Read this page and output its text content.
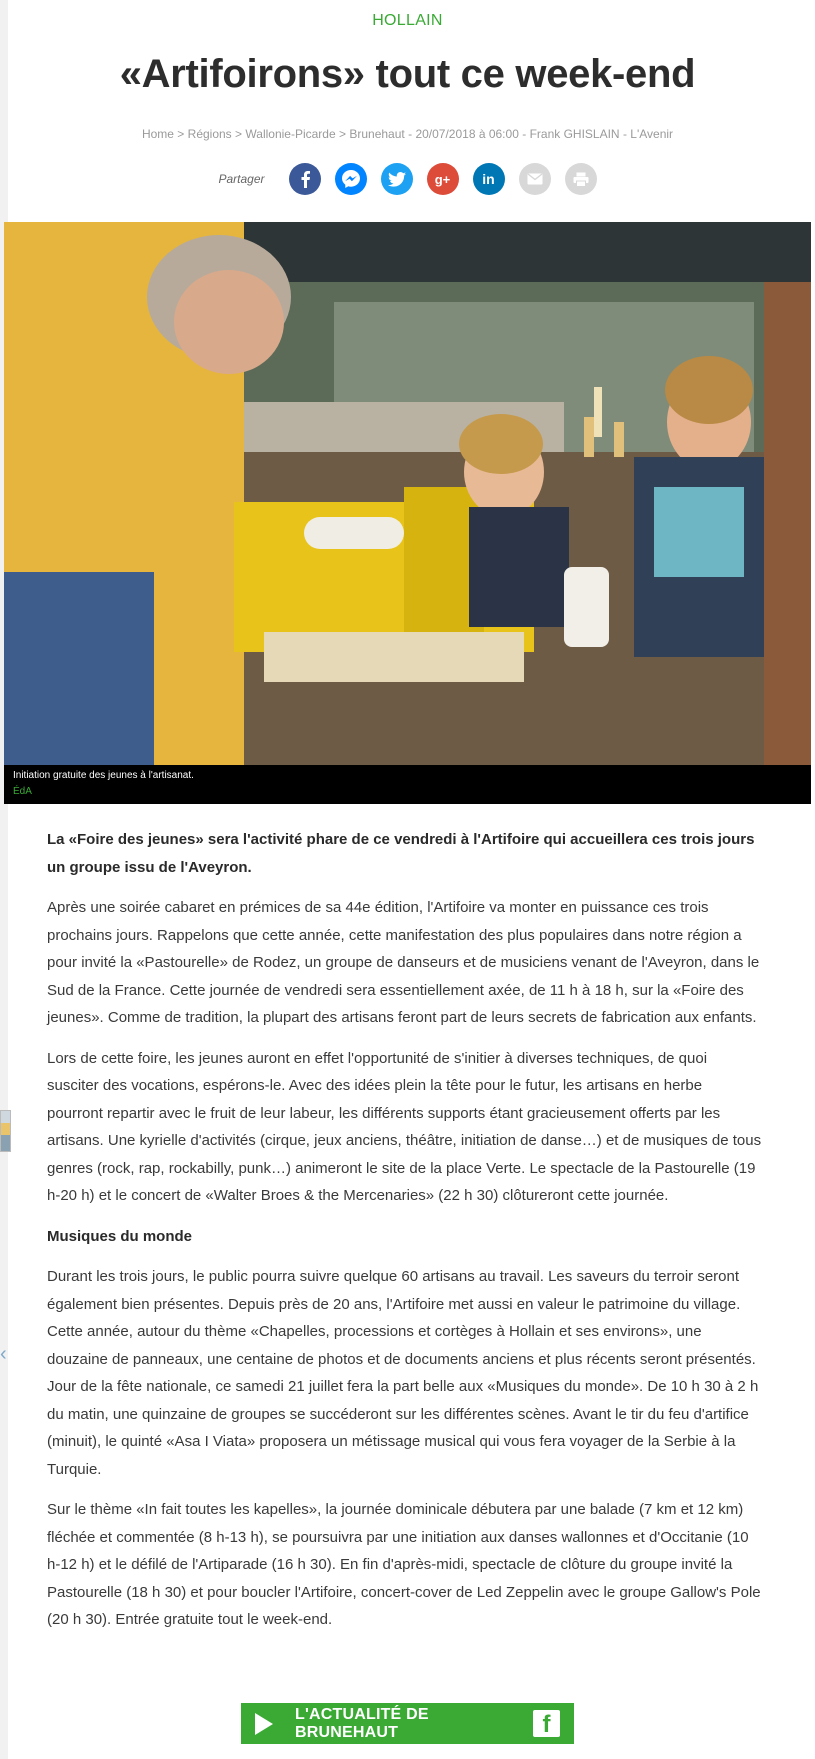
‹
HOLLAIN
«Artifoirons» tout ce week-end
Home > Régions > Wallonie-Picarde > Brunehaut - 20/07/2018 à 06:00 - Frank GHISLAIN - L'Avenir
Partager	g+	in
Initiation gratuite des jeunes à l'artisanat.
ÉdA

La «Foire des jeunes» sera l'activité phare de ce vendredi à l'Artifoire qui accueillera ces trois jours un groupe issu de l'Aveyron.

Après une soirée cabaret en prémices de sa 44e édition, l'Artifoire va monter en puissance ces trois prochains jours. Rappelons que cette année, cette manifestation des plus populaires dans notre région a pour invité la «Pastourelle» de Rodez, un groupe de danseurs et de musiciens venant de l'Aveyron, dans le Sud de la France. Cette journée de vendredi sera essentiellement axée, de 11 h à 18 h, sur la «Foire des jeunes». Comme de tradition, la plupart des artisans feront part de leurs secrets de fabrication aux enfants.

Lors de cette foire, les jeunes auront en effet l'opportunité de s'initier à diverses techniques, de quoi susciter des vocations, espérons-le. Avec des idées plein la tête pour le futur, les artisans en herbe pourront repartir avec le fruit de leur labeur, les différents supports étant gracieusement offerts par les artisans. Une kyrielle d'activités (cirque, jeux anciens, théâtre, initiation de danse…) et de musiques de tous genres (rock, rap, rockabilly, punk…) animeront le site de la place Verte. Le spectacle de la Pastourelle (19 h-20 h) et le concert de «Walter Broes & the Mercenaries» (22 h 30) clôtureront cette journée.

Musiques du monde

Durant les trois jours, le public pourra suivre quelque 60 artisans au travail. Les saveurs du terroir seront également bien présentes. Depuis près de 20 ans, l'Artifoire met aussi en valeur le patrimoine du village. Cette année, autour du thème «Chapelles, processions et cortèges à Hollain et ses environs», une douzaine de panneaux, une centaine de photos et de documents anciens et plus récents seront présentés. Jour de la fête nationale, ce samedi 21 juillet fera la part belle aux «Musiques du monde». De 10 h 30 à 2 h du matin, une quinzaine de groupes se succéderont sur les différentes scènes. Avant le tir du feu d'artifice (minuit), le quinté «Asa I Viata» proposera un métissage musical qui vous fera voyager de la Serbie à la Turquie.

Sur le thème «In fait toutes les kapelles», la journée dominicale débutera par une balade (7 km et 12 km) fléchée et commentée (8 h-13 h), se poursuivra par une initiation aux danses wallonnes et d'Occitanie (10 h-12 h) et le défilé de l'Artiparade (16 h 30). En fin d'après-midi, spectacle de clôture du groupe invité la Pastourelle (18 h 30) et pour boucler l'Artifoire, concert-cover de Led Zeppelin avec le groupe Gallow's Pole (20 h 30). Entrée gratuite tout le week-end.

L'ACTUALITÉ DE BRUNEHAUT	f
